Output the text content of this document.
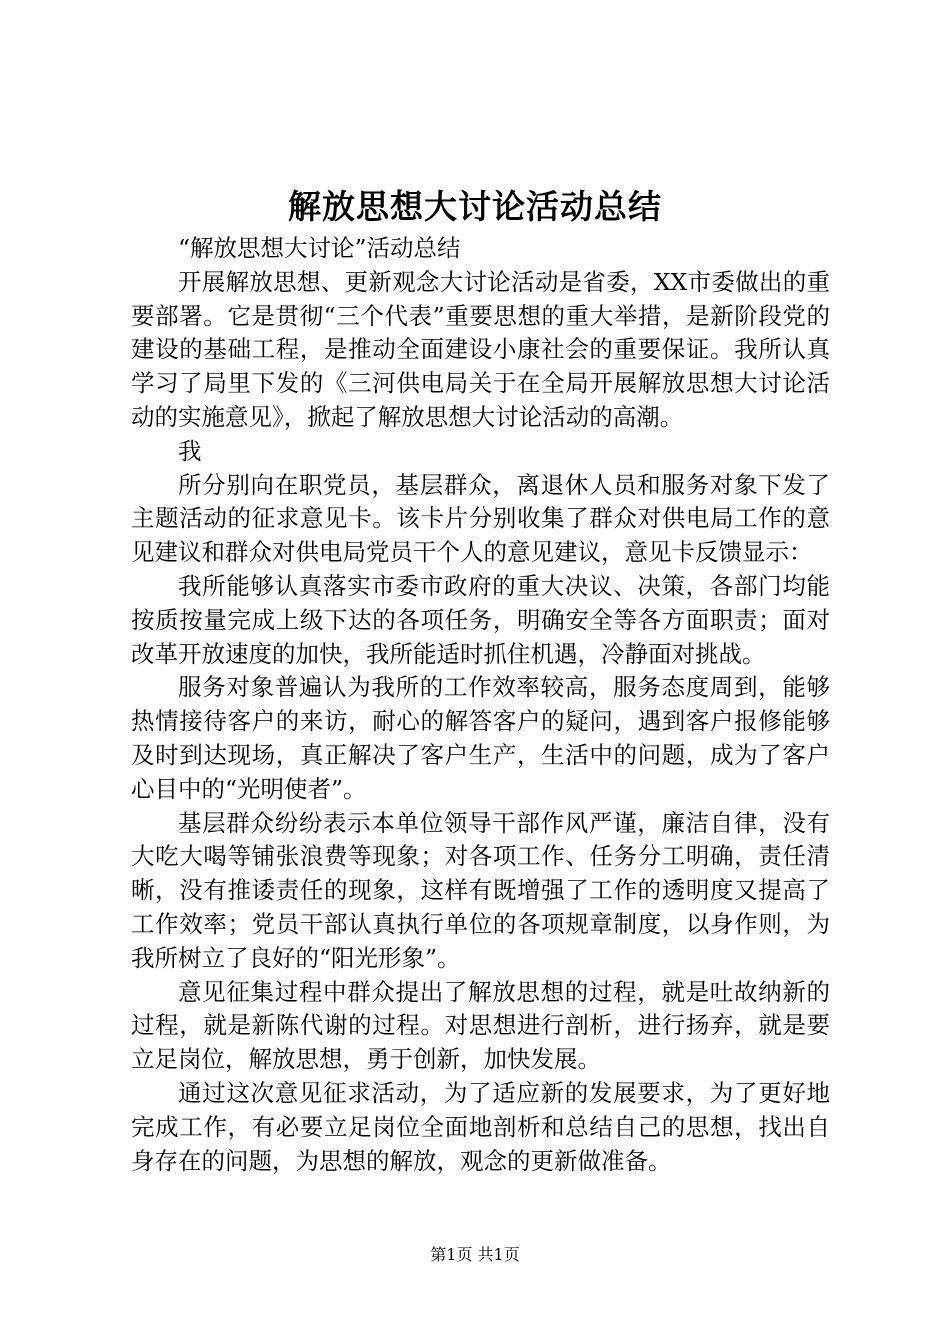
解放思想大讨论活动总结

“解放思想大讨论”活动总结

开展解放思想、更新观念大讨论活动是省委，XX市委做出的重要部署。它是贯彻“三个代表”重要思想的重大举措，是新阶段党的建设的基础工程，是推动全面建设小康社会的重要保证。我所认真学习了局里下发的《三河供电局关于在全局开展解放思想大讨论活动的实施意见》，掀起了解放思想大讨论活动的高潮。

我

所分别向在职党员，基层群众，离退休人员和服务对象下发了主题活动的征求意见卡。该卡片分别收集了群众对供电局工作的意见建议和群众对供电局党员干个人的意见建议，意见卡反馈显示：

我所能够认真落实市委市政府的重大决议、决策，各部门均能按质按量完成上级下达的各项任务，明确安全等各方面职责；面对改革开放速度的加快，我所能适时抓住机遇，冷静面对挑战。

服务对象普遍认为我所的工作效率较高，服务态度周到，能够热情接待客户的来访，耐心的解答客户的疑问，遇到客户报修能够及时到达现场，真正解决了客户生产，生活中的问题，成为了客户心目中的“光明使者”。

基层群众纷纷表示本单位领导干部作风严谨，廉洁自律，没有大吃大喝等铺张浪费等现象；对各项工作、任务分工明确，责任清晰，没有推诿责任的现象，这样有既增强了工作的透明度又提高了工作效率；党员干部认真执行单位的各项规章制度，以身作则，为我所树立了良好的“阳光形象”。

意见征集过程中群众提出了解放思想的过程，就是吐故纳新的过程，就是新陈代谢的过程。对思想进行剖析，进行扬弃，就是要立足岗位，解放思想，勇于创新，加快发展。

通过这次意见征求活动，为了适应新的发展要求，为了更好地完成工作，有必要立足岗位全面地剖析和总结自己的思想，找出自身存在的问题，为思想的解放，观念的更新做准备。

第1页 共1页
